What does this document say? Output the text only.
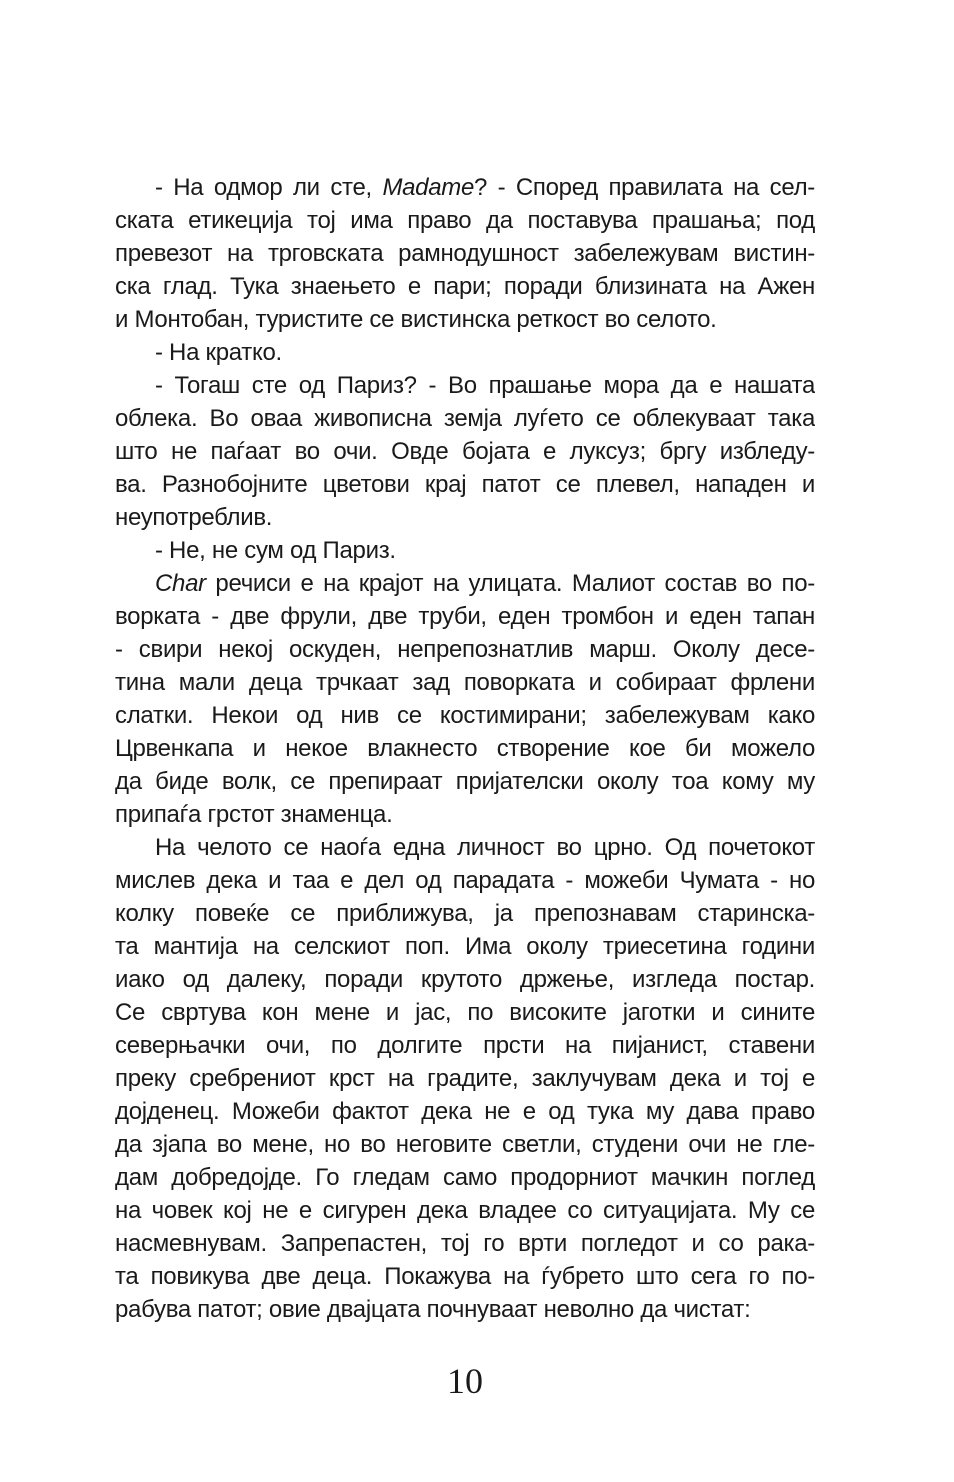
- На одмор ли сте, Madame? - Според правилата на сел-
ската етикеција тој има право да поставува прашања; под
превезот на трговската рамнодушност забележувам вистин-
ска глад. Тука знаењето е пари; поради близината на Ажен
и Монтобан, туристите се вистинска реткост во селото.
- На кратко.
- Тогаш сте од Париз? - Во прашање мора да е нашата
облека. Во оваа живописна земја луѓето се облекуваат така
што не паѓаат во очи. Овде бојата е луксуз; бргу избледу-
ва. Разнобојните цветови крај патот се плевел, нападен и
неупотреблив.
- Не, не сум од Париз.
Char речиси е на крајот на улицата. Малиот состав во по-
ворката - две фрули, две труби, еден тромбон и еден тапан
- свири некој оскуден, непрепознатлив марш. Околу десе-
тина мали деца трчкаат зад поворката и собираат фрлени
слатки. Некои од нив се костимирани; забележувам како
Црвенкапа и некое влакнесто створение кое би можело
да биде волк, се препираат пријателски околу тоа кому му
припаѓа грстот знаменца.
На челото се наоѓа една личност во црно. Од почетокот
мислев дека и таа е дел од парадата - можеби Чумата - но
колку повеќе се приближува, ја препознавам старинска-
та мантија на селскиот поп. Има околу триесетина години
иако од далеку, поради крутото држење, изгледа постар.
Се свртува кон мене и јас, по високите јаготки и сините
северњачки очи, по долгите прсти на пијанист, ставени
преку сребрениот крст на градите, заклучувам дека и тој е
дојденец. Можеби фактот дека не е од тука му дава право
да зјапа во мене, но во неговите светли, студени очи не гле-
дам добредојде. Го гледам само продорниот мачкин поглед
на човек кој не е сигурен дека владее со ситуацијата. Му се
насмевнувам. Запрепастен, тој го врти погледот и со рака-
та повикува две деца. Покажува на ѓубрето што сега го по-
рабува патот; овие двајцата почнуваат неволно да чистат:
10
